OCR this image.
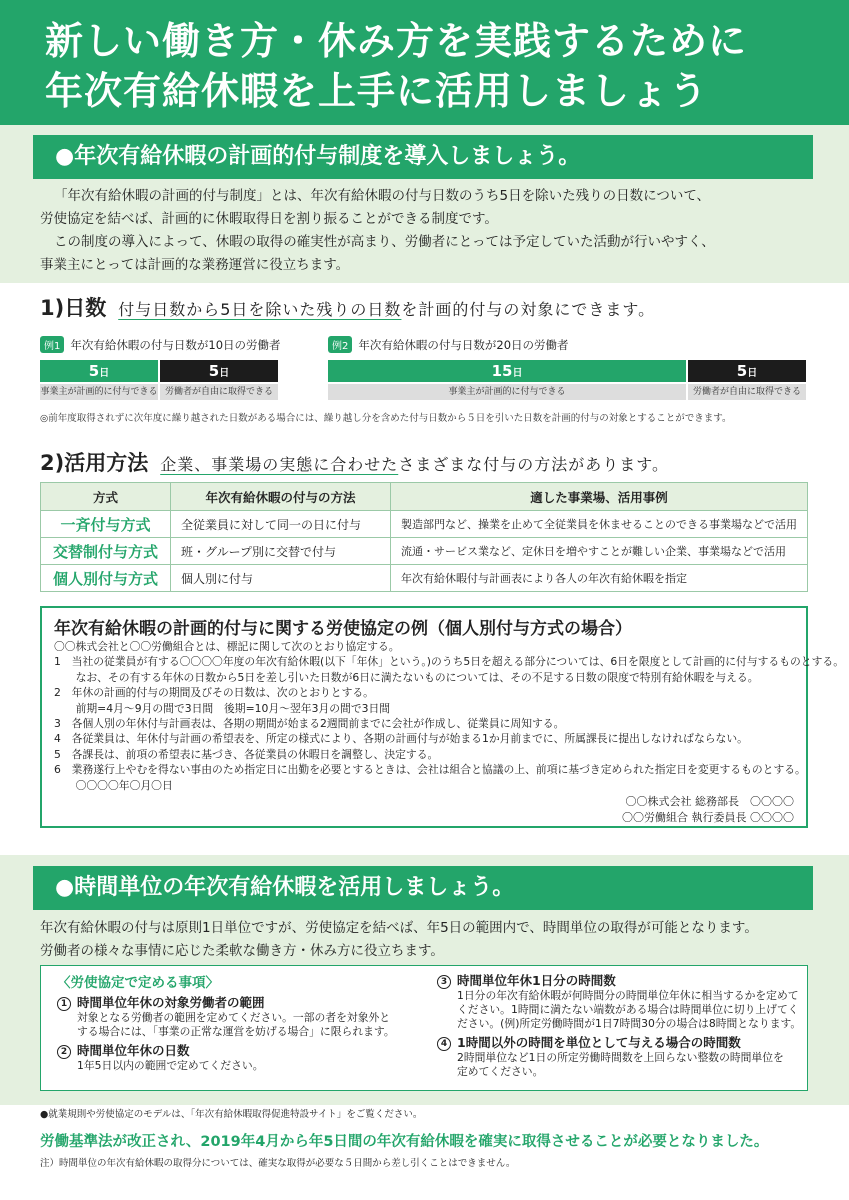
新しい働き方・休み方を実践するために
年次有給休暇を上手に活用しましょう
●年次有給休暇の計画的付与制度を導入しましょう。
「年次有給休暇の計画的付与制度」とは、年次有給休暇の付与日数のうち5日を除いた残りの日数について、
労使協定を結べば、計画的に休暇取得日を割り振ることができる制度です。
この制度の導入によって、休暇の取得の確実性が高まり、労働者にとっては予定していた活動が行いやすく、
事業主にとっては計画的な業務運営に役立ちます。
1)日数 付与日数から5日を除いた残りの日数を計画的付与の対象にできます。
例1 年次有給休暇の付与日数が10日の労働者
5日	5日
事業主が計画的に付与できる 労働者が自由に取得できる
例2 年次有給休暇の付与日数が20日の労働者
15日	5日
事業主が計画的に付与できる	労働者が自由に取得できる
◎前年度取得されずに次年度に繰り越された日数がある場合には、繰り越し分を含めた付与日数から５日を引いた日数を計画的付与の対象とすることができます。
2)活用方法 企業、事業場の実態に合わせたさまざまな付与の方法があります。
方式	年次有給休暇の付与の方法	適した事業場、活用事例
一斉付与方式	全従業員に対して同一の日に付与	製造部門など、操業を止めて全従業員を休ませることのできる事業場などで活用
交替制付与方式	班・グループ別に交替で付与	流通・サービス業など、定休日を増やすことが難しい企業、事業場などで活用
個人別付与方式	個人別に付与	年次有給休暇付与計画表により各人の年次有給休暇を指定
年次有給休暇の計画的付与に関する労使協定の例（個人別付与方式の場合）
〇〇株式会社と〇〇労働組合とは、標記に関して次のとおり協定する。
1　当社の従業員が有する〇〇〇〇年度の年次有給休暇(以下「年休」という。)のうち5日を超える部分については、6日を限度として計画的に付与するものとする。
　　なお、その有する年休の日数から5日を差し引いた日数が6日に満たないものについては、その不足する日数の限度で特別有給休暇を与える。
2　年休の計画的付与の期間及びその日数は、次のとおりとする。
　　前期=4月～9月の間で3日間　後期=10月～翌年3月の間で3日間
3　各個人別の年休付与計画表は、各期の期間が始まる2週間前までに会社が作成し、従業員に周知する。
4　各従業員は、年休付与計画の希望表を、所定の様式により、各期の計画付与が始まる1か月前までに、所属課長に提出しなければならない。
5　各課長は、前項の希望表に基づき、各従業員の休暇日を調整し、決定する。
6　業務遂行上やむを得ない事由のため指定日に出勤を必要とするときは、会社は組合と協議の上、前項に基づき定められた指定日を変更するものとする。
　　〇〇〇〇年〇月〇日
〇〇株式会社 総務部長　〇〇〇〇
〇〇労働組合 執行委員長 〇〇〇〇
●時間単位の年次有給休暇を活用しましょう。
年次有給休暇の付与は原則1日単位ですが、労使協定を結べば、年5日の範囲内で、時間単位の取得が可能となります。
労働者の様々な事情に応じた柔軟な働き方・休み方に役立ちます。
〈労使協定で定める事項〉
1 時間単位年休の対象労働者の範囲
対象となる労働者の範囲を定めてください。一部の者を対象外と
する場合には、「事業の正常な運営を妨げる場合」に限られます。
2 時間単位年休の日数
1年5日以内の範囲で定めてください。
3 時間単位年休1日分の時間数
1日分の年次有給休暇が何時間分の時間単位年休に相当するかを定めて
ください。1時間に満たない端数がある場合は時間単位に切り上げてく
ださい。(例)所定労働時間が1日7時間30分の場合は8時間となります。
4 1時間以外の時間を単位として与える場合の時間数
2時間単位など1日の所定労働時間数を上回らない整数の時間単位を
定めてください。
●就業規則や労使協定のモデルは、「年次有給休暇取得促進特設サイト」をご覧ください。
労働基準法が改正され、2019年4月から年5日間の年次有給休暇を確実に取得させることが必要となりました。
注）時間単位の年次有給休暇の取得分については、確実な取得が必要な５日間から差し引くことはできません。
